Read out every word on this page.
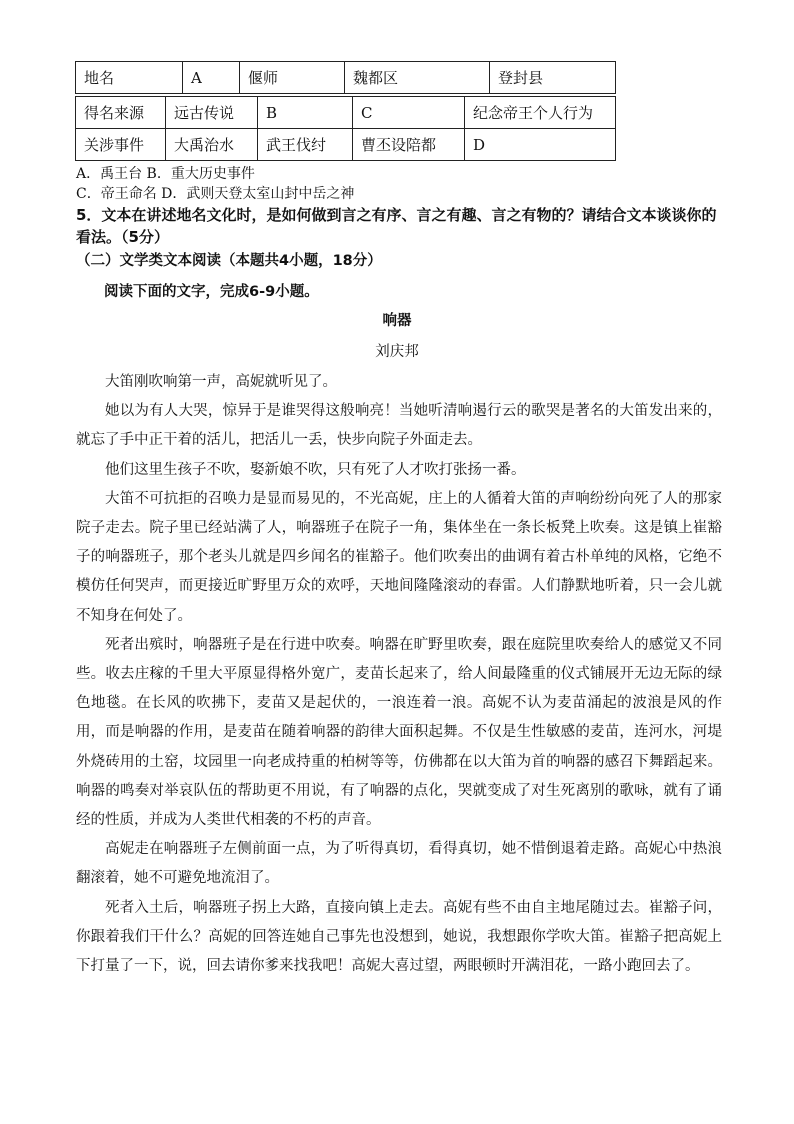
地名	A	偃师	魏都区	登封县
得名来源	远古传说	B	C	纪念帝王个人行为
关涉事件	大禹治水	武王伐纣	曹丕设陪都	D
A．禹王台 B．重大历史事件
C．帝王命名 D．武则天登太室山封中岳之神
5．文本在讲述地名文化时，是如何做到言之有序、言之有趣、言之有物的？请结合文本谈谈你的看法。（5分）
（二）文学类文本阅读（本题共4小题，18分）
阅读下面的文字，完成6-9小题。
响器
刘庆邦

大笛刚吹响第一声，高妮就听见了。

她以为有人大哭，惊异于是谁哭得这般响亮！当她听清响遏行云的歌哭是著名的大笛发出来的，就忘了手中正干着的活儿，把活儿一丢，快步向院子外面走去。

他们这里生孩子不吹，娶新娘不吹，只有死了人才吹打张扬一番。

大笛不可抗拒的召唤力是显而易见的，不光高妮，庄上的人循着大笛的声响纷纷向死了人的那家院子走去。院子里已经站满了人，响器班子在院子一角，集体坐在一条长板凳上吹奏。这是镇上崔豁子的响器班子，那个老头儿就是四乡闻名的崔豁子。他们吹奏出的曲调有着古朴单纯的风格，它绝不模仿任何哭声，而更接近旷野里万众的欢呼，天地间隆隆滚动的春雷。人们静默地听着，只一会儿就不知身在何处了。

死者出殡时，响器班子是在行进中吹奏。响器在旷野里吹奏，跟在庭院里吹奏给人的感觉又不同些。收去庄稼的千里大平原显得格外宽广，麦苗长起来了，给人间最隆重的仪式铺展开无边无际的绿色地毯。在长风的吹拂下，麦苗又是起伏的，一浪连着一浪。高妮不认为麦苗涌起的波浪是风的作用，而是响器的作用，是麦苗在随着响器的韵律大面积起舞。不仅是生性敏感的麦苗，连河水，河堤外烧砖用的土窑，坟园里一向老成持重的柏树等等，仿佛都在以大笛为首的响器的感召下舞蹈起来。响器的鸣奏对举哀队伍的帮助更不用说，有了响器的点化，哭就变成了对生死离别的歌咏，就有了诵经的性质，并成为人类世代相袭的不朽的声音。

高妮走在响器班子左侧前面一点，为了听得真切，看得真切，她不惜倒退着走路。高妮心中热浪翻滚着，她不可避免地流泪了。

死者入土后，响器班子拐上大路，直接向镇上走去。高妮有些不由自主地尾随过去。崔豁子问，你跟着我们干什么？高妮的回答连她自己事先也没想到，她说，我想跟你学吹大笛。崔豁子把高妮上下打量了一下，说，回去请你爹来找我吧！高妮大喜过望，两眼顿时开满泪花，一路小跑回去了。
